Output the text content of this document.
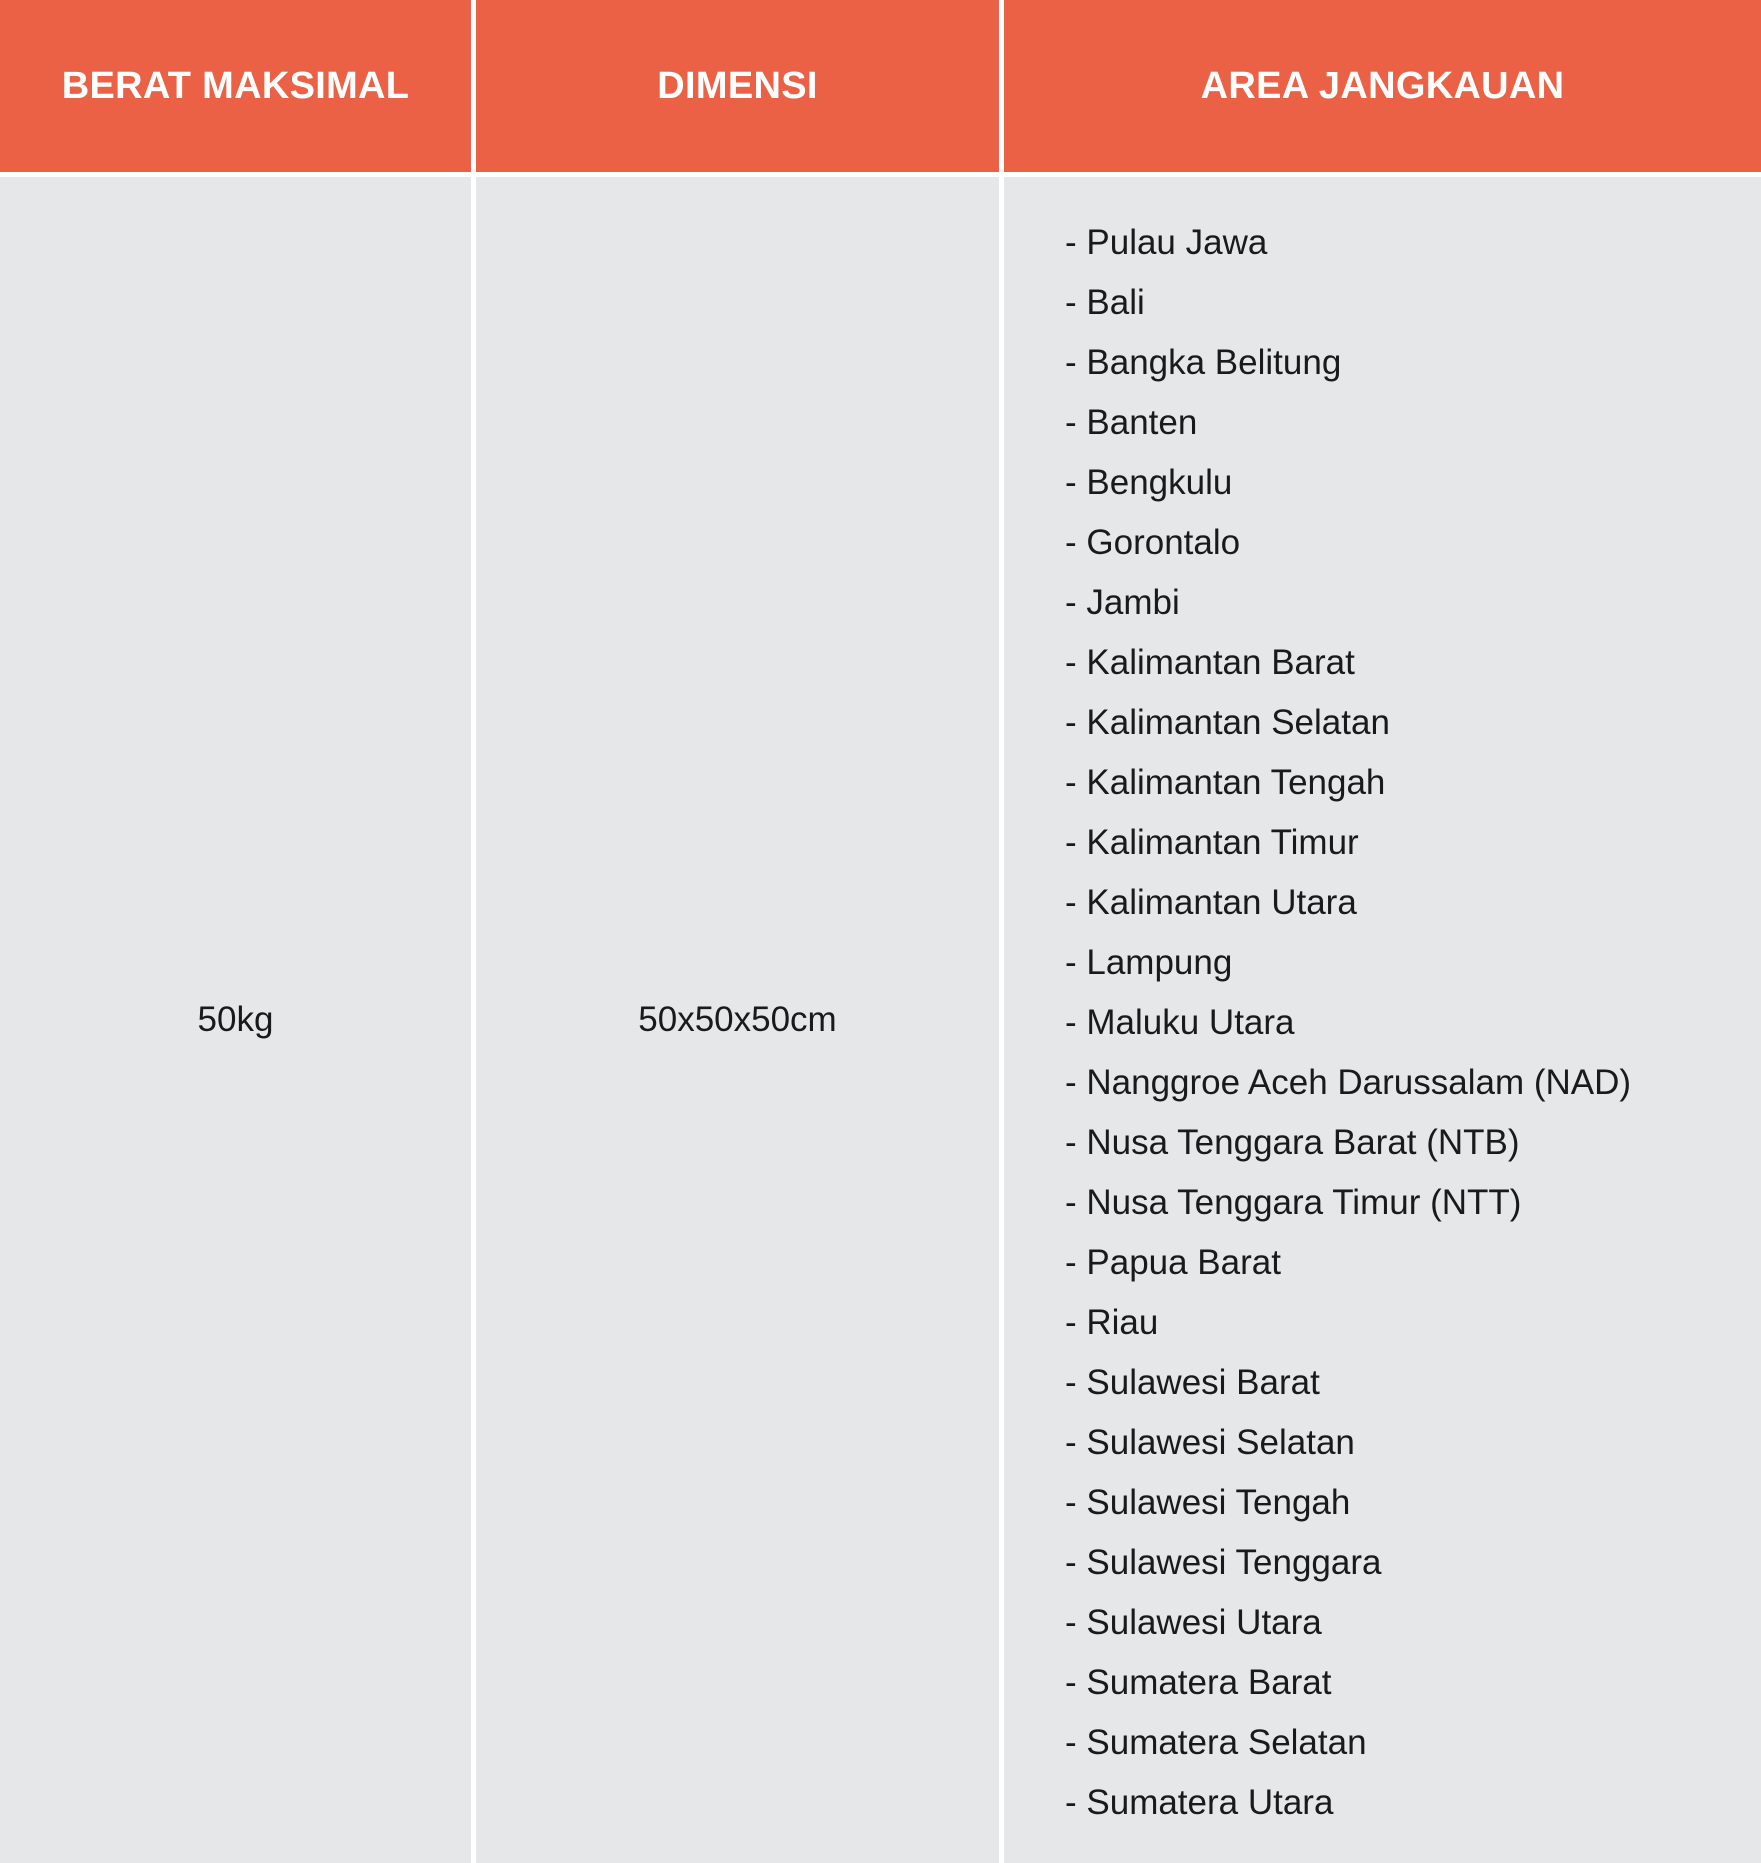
BERAT MAKSIMAL	DIMENSI	AREA JANGKAUAN
50kg	50x50x50cm
- Pulau Jawa
- Bali
- Bangka Belitung
- Banten
- Bengkulu
- Gorontalo
- Jambi
- Kalimantan Barat
- Kalimantan Selatan
- Kalimantan Tengah
- Kalimantan Timur
- Kalimantan Utara
- Lampung
- Maluku Utara
- Nanggroe Aceh Darussalam (NAD)
- Nusa Tenggara Barat (NTB)
- Nusa Tenggara Timur (NTT)
- Papua Barat
- Riau
- Sulawesi Barat
- Sulawesi Selatan
- Sulawesi Tengah
- Sulawesi Tenggara
- Sulawesi Utara
- Sumatera Barat
- Sumatera Selatan
- Sumatera Utara
